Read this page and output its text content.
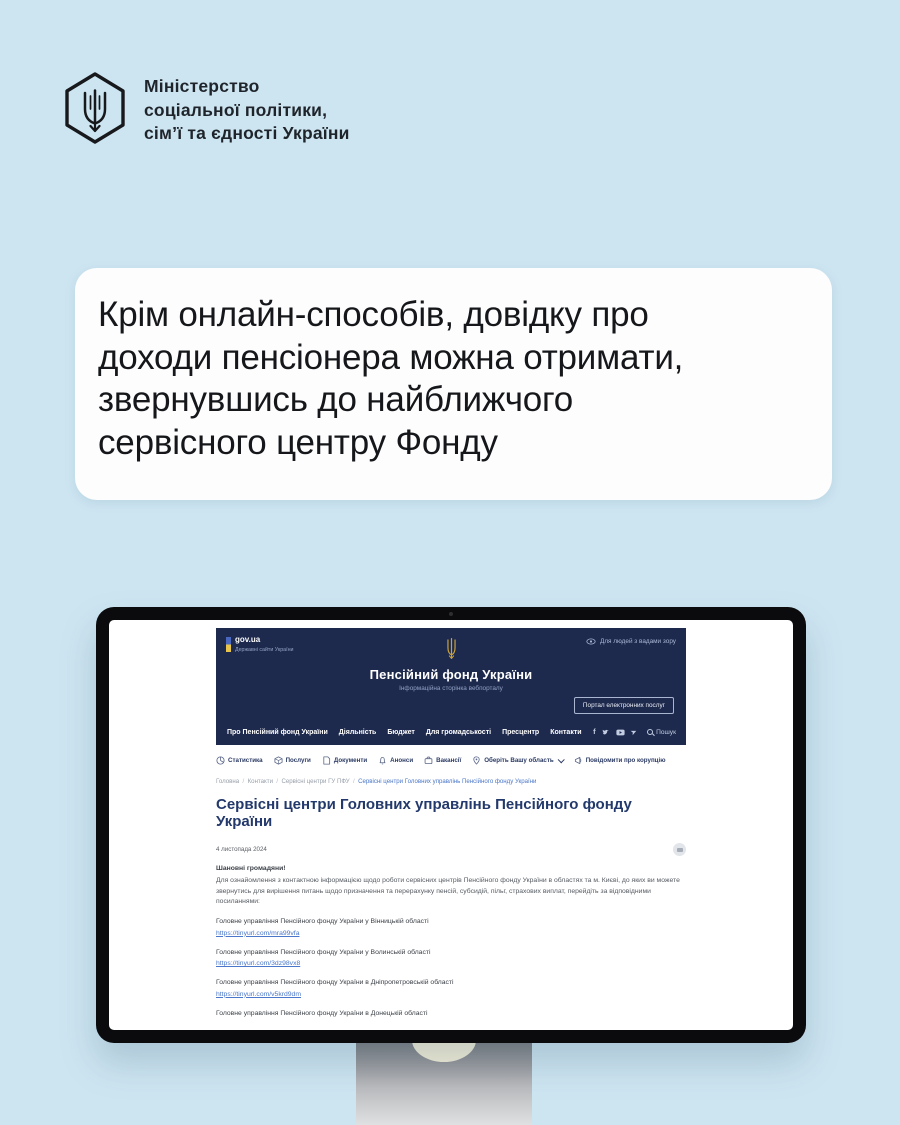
Міністерство
соціальної політики,
сім’ї та єдності України
Крім онлайн-способів, довідку про
доходи пенсіонера можна отримати,
звернувшись до найближчого
сервісного центру Фонду
gov.ua
Державні сайти України
Для людей з вадами зору
Пенсійний фонд України
Інформаційна сторінка вебпорталу
Портал електронних послуг
Про Пенсійний фонд України Діяльність Бюджет Для громадськості Пресцентр Контакти f	➤	Пошук
Статистика	Послуги	Документи	Анонси	Вакансії	Оберіть Вашу область	Повідомити про корупцію
Головна  / Контакти  / Сервісні центри ГУ ПФУ  / Сервісні центри Головних управлінь Пенсійного фонду України
Сервісні центри Головних управлінь Пенсійного фонду України
4 листопада 2024
Шановні громадяни!
Для ознайомлення з контактною інформацією щодо роботи сервісних центрів Пенсійного фонду України в областях та м. Києві, до яких ви можете звернутись для вирішення питань щодо призначення та перерахунку пенсій, субсидій, пільг, страхових виплат, перейдіть за відповідними посиланнями:
Головне управління Пенсійного фонду України у Вінницькій області
https://tinyurl.com/mra99vfa
Головне управління Пенсійного фонду України у Волинській області
https://tinyurl.com/3dz98vx8
Головне управління Пенсійного фонду України в Дніпропетровській області
https://tinyurl.com/v5krd9dm
Головне управління Пенсійного фонду України в Донецькій області
